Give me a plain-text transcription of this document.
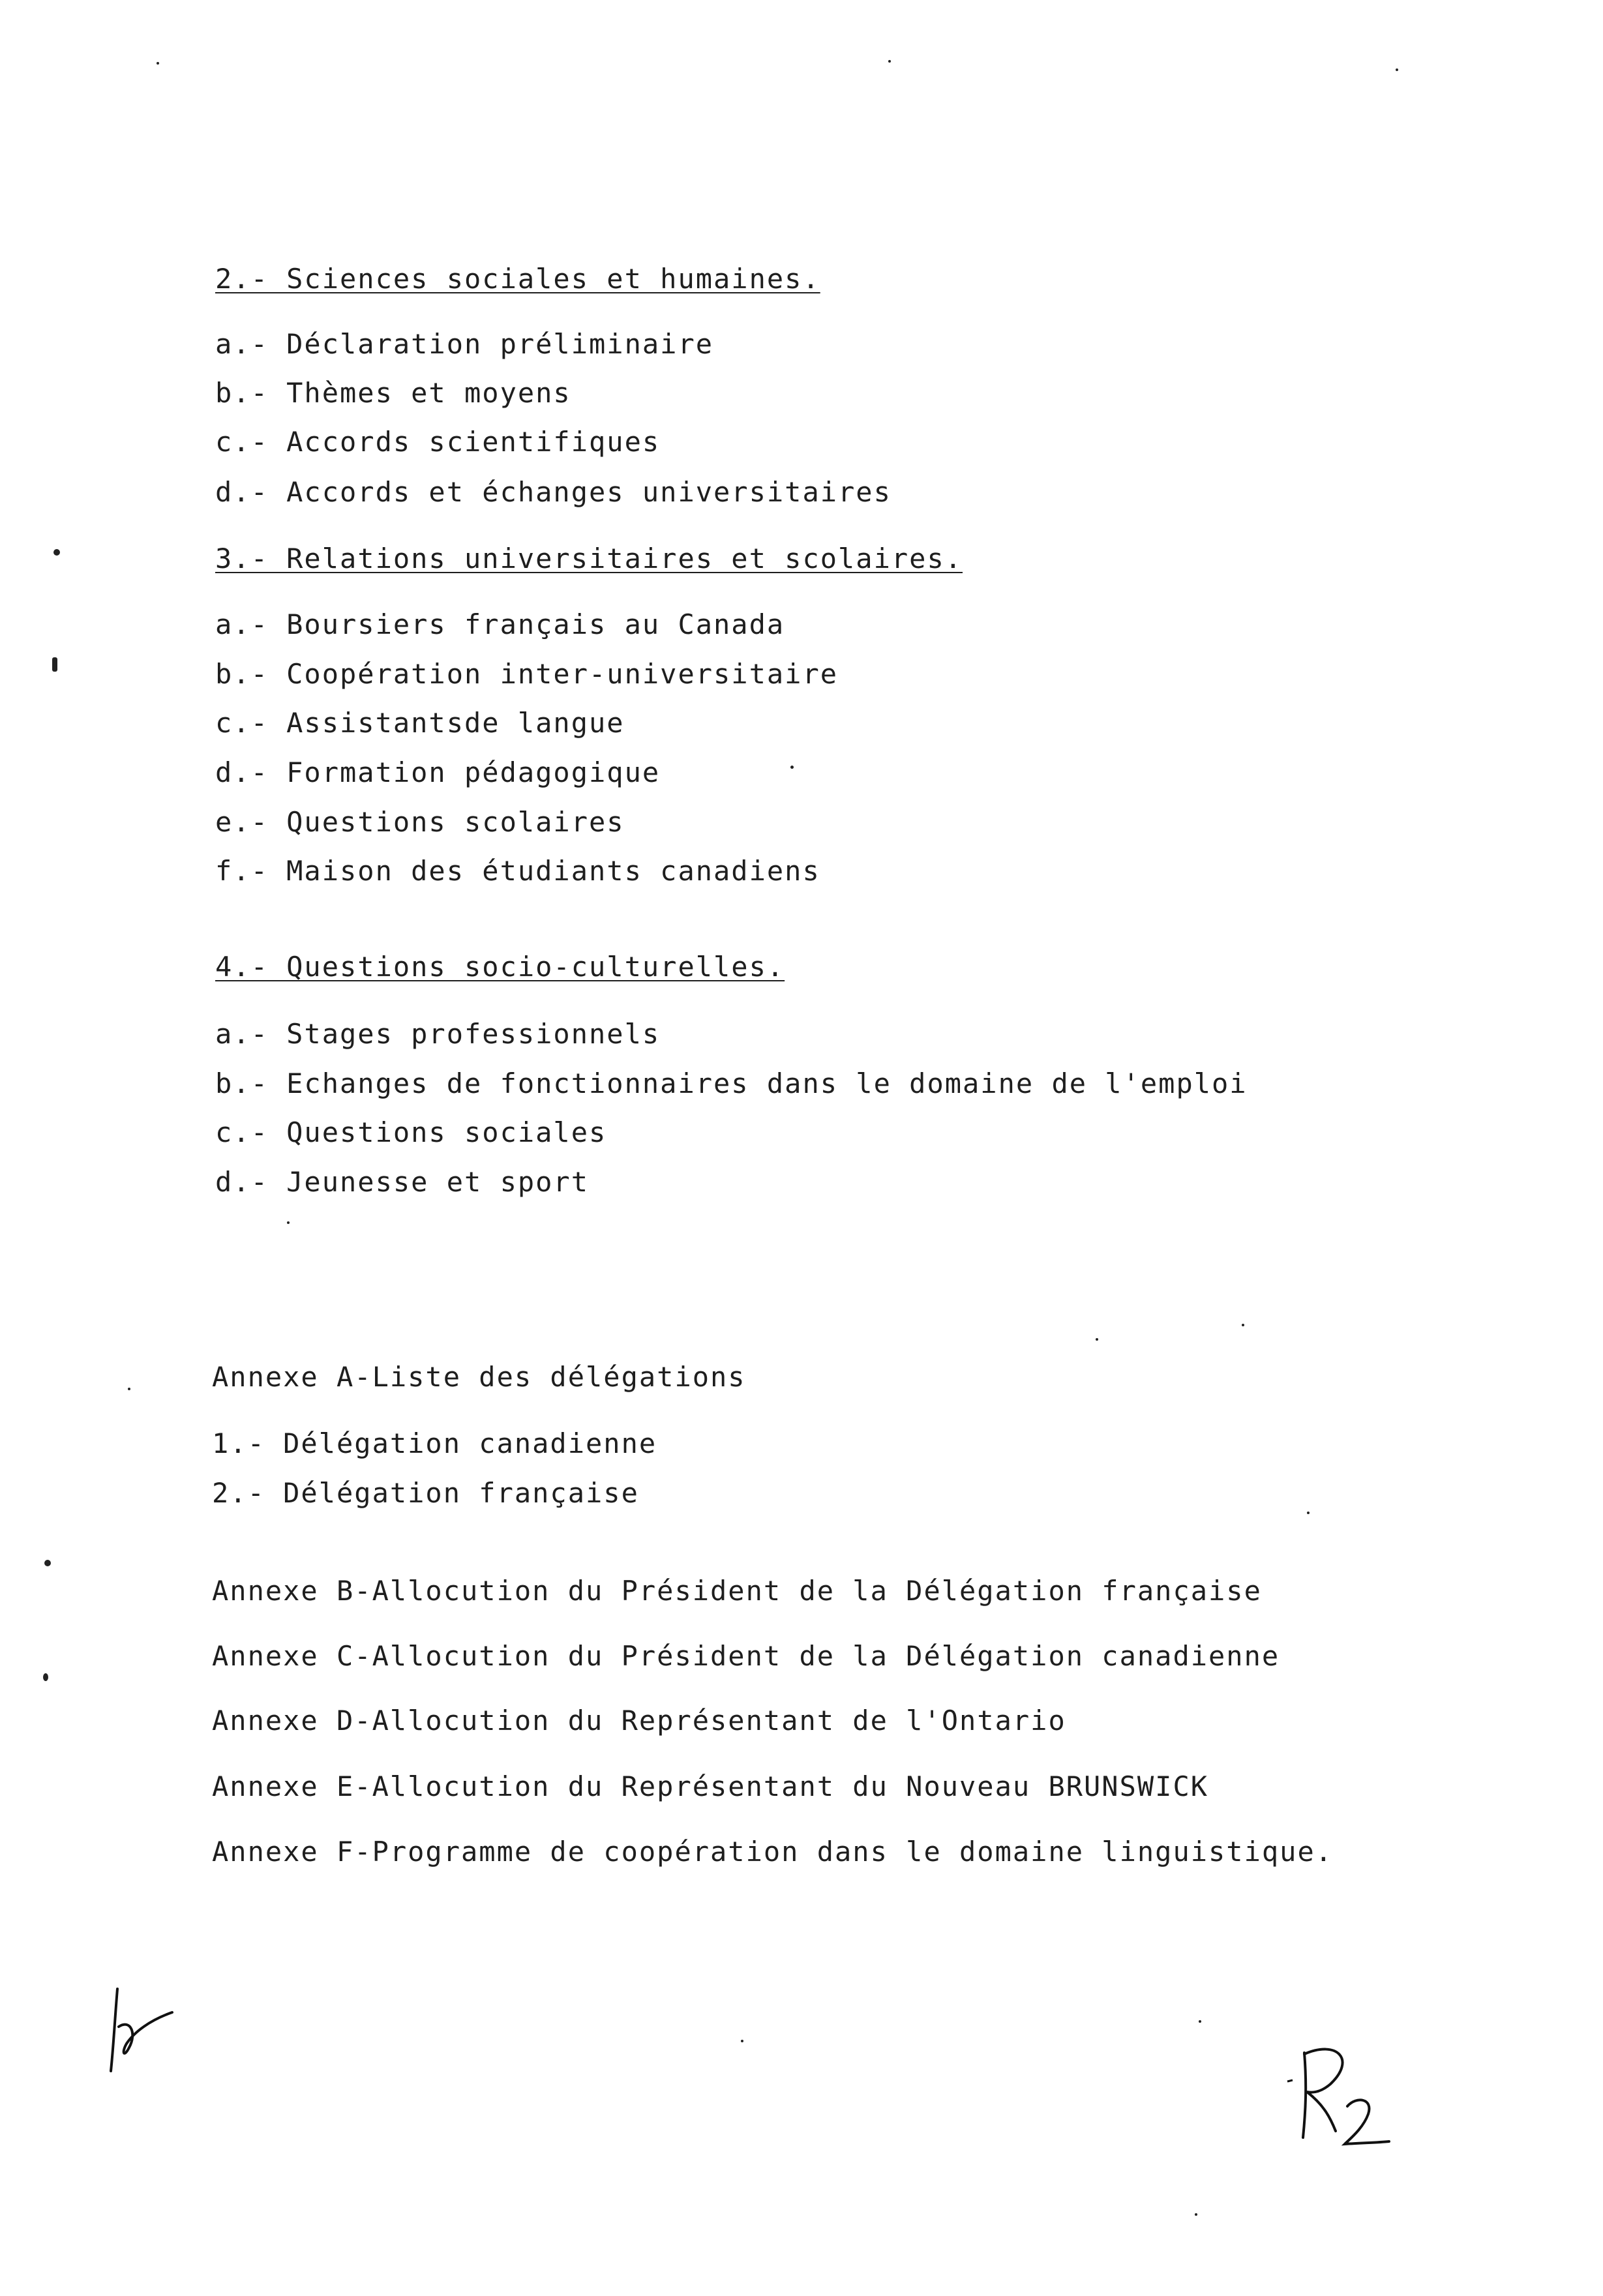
2.- Sciences sociales et humaines.
a.- Déclaration préliminaire
b.- Thèmes et moyens
c.- Accords scientifiques
d.- Accords et échanges universitaires
3.- Relations universitaires et scolaires.
a.- Boursiers français au Canada
b.- Coopération inter-universitaire
c.- Assistantsde langue
d.- Formation pédagogique
e.- Questions scolaires
f.- Maison des étudiants canadiens
4.- Questions socio-culturelles.
a.- Stages professionnels
b.- Echanges de fonctionnaires dans le domaine de l'emploi
c.- Questions sociales
d.- Jeunesse et sport
Annexe A-Liste des délégations
1.- Délégation canadienne
2.- Délégation française
Annexe B-Allocution du Président de la Délégation française
Annexe C-Allocution du Président de la Délégation canadienne
Annexe D-Allocution du Représentant de l'Ontario
Annexe E-Allocution du Représentant du Nouveau BRUNSWICK
Annexe F-Programme de coopération dans le domaine linguistique.
